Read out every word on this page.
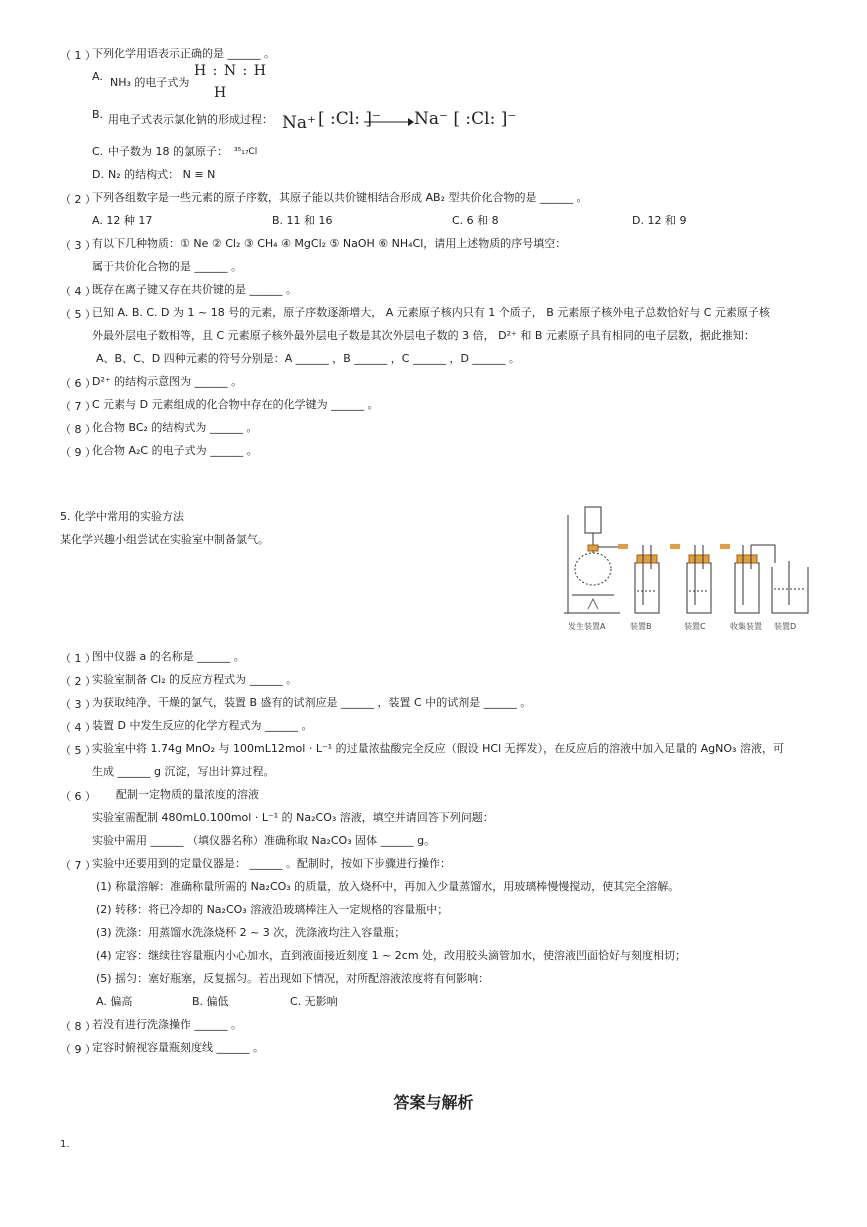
（ 1 ）
下列化学用语表示正确的是 ______ 。
A. NH₃ 的电子式为
H : N : H
H
B. 用电子式表示氯化钠的形成过程： Na⁺ [ :Cl: ]⁻ Na⁻ [ :Cl: ]⁻
C. 中子数为 18 的氯原子： ³⁵₁₇Cl
D. N₂ 的结构式： N ≡ N
（ 2 ）
下列各组数字是一些元素的原子序数，其原子能以共价键相结合形成 AB₂ 型共价化合物的是 ______ 。
A. 12 种 17	B. 11 和 16	C. 6 和 8	D. 12 和 9
（ 3 ）
有以下几种物质：① Ne ② Cl₂ ③ CH₄ ④ MgCl₂ ⑤ NaOH ⑥ NH₄Cl，请用上述物质的序号填空：
属于共价化合物的是 ______ 。
（ 4 ）
既存在离子键又存在共价键的是 ______ 。
（ 5 ）
已知 A. B. C. D 为 1 ~ 18 号的元素，原子序数逐渐增大， A 元素原子核内只有 1 个质子， B 元素原子核外电子总数恰好与 C 元素原子核
外最外层电子数相等，且 C 元素原子核外最外层电子数是其次外层电子数的 3 倍， D²⁺ 和 B 元素原子具有相同的电子层数，据此推知：
A、B、C、D 四种元素的符号分别是：A ______ ，B ______ ，C ______ ，D ______ 。
（ 6 ）
D²⁺ 的结构示意图为 ______ 。
（ 7 ）
C 元素与 D 元素组成的化合物中存在的化学键为 ______ 。
（ 8 ）
化合物 BC₂ 的结构式为 ______ 。
（ 9 ）
化合物 A₂C 的电子式为 ______ 。
5. 化学中常用的实验方法
某化学兴趣小组尝试在实验室中制备氯气。
发生装置A	装置B	装置C	收集装置 装置D
（ 1 ）
图中仪器 a 的名称是 ______ 。
（ 2 ）
实验室制备 Cl₂ 的反应方程式为 ______ 。
（ 3 ）
为获取纯净、干燥的氯气，装置 B 盛有的试剂应是 ______ ，装置 C 中的试剂是 ______ 。
（ 4 ）
装置 D 中发生反应的化学方程式为 ______ 。
（ 5 ）
实验室中将 1.74g MnO₂ 与 100mL12mol · L⁻¹ 的过量浓盐酸完全反应（假设 HCl 无挥发），在反应后的溶液中加入足量的 AgNO₃ 溶液，可
生成 ______ g 沉淀，写出计算过程。
（ 6 ） 配制一定物质的量浓度的溶液
实验室需配制 480mL0.100mol · L⁻¹ 的 Na₂CO₃ 溶液，填空并请回答下列问题：
实验中需用 ______ （填仪器名称）准确称取 Na₂CO₃ 固体 ______ g。
（ 7 ）
实验中还要用到的定量仪器是： ______ 。配制时，按如下步骤进行操作：
(1) 称量溶解：准确称量所需的 Na₂CO₃ 的质量，放入烧杯中，再加入少量蒸馏水，用玻璃棒慢慢搅动，使其完全溶解。
(2) 转移：将已冷却的 Na₂CO₃ 溶液沿玻璃棒注入一定规格的容量瓶中；
(3) 洗涤：用蒸馏水洗涤烧杯 2 ~ 3 次，洗涤液均注入容量瓶；
(4) 定容：继续往容量瓶内小心加水，直到液面接近刻度 1 ~ 2cm 处，改用胶头滴管加水，使溶液凹面恰好与刻度相切；
(5) 摇匀：塞好瓶塞，反复摇匀。若出现如下情况，对所配溶液浓度将有何影响：
A. 偏高	B. 偏低	C. 无影响
（ 8 ）
若没有进行洗涤操作 ______ 。
（ 9 ）
定容时俯视容量瓶刻度线 ______ 。
答案与解析
1.
